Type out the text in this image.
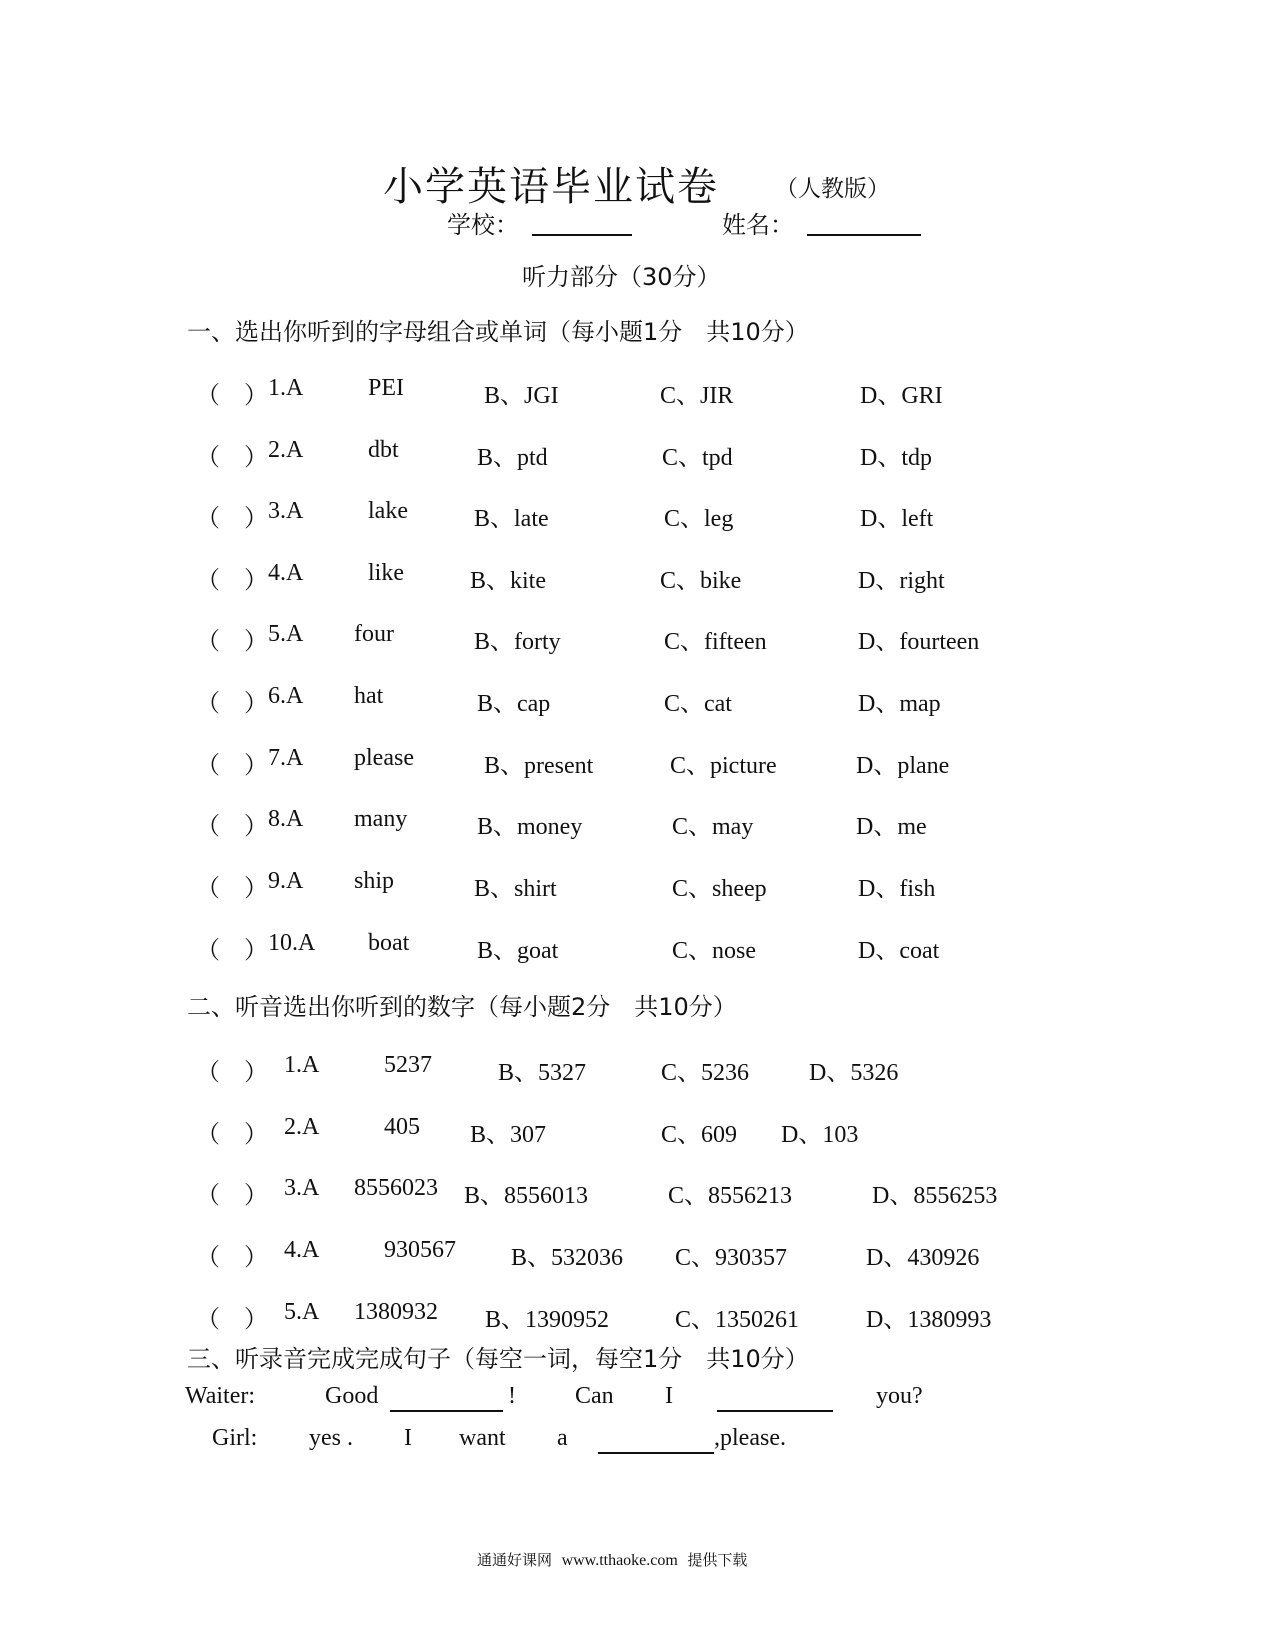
小学英语毕业试卷 （人教版）
学校：	姓名：
听力部分（30分）
一、选出你听到的字母组合或单词（每小题1分　共10分）
（　） 1.A	PEI	B、JGI	C、JIR	D、GRI
（　） 2.A	dbt	B、ptd	C、tpd	D、tdp
（　） 3.A	lake	B、late	C、leg	D、left
（　） 4.A	like	B、kite	C、bike	D、right
（　） 5.A four	B、forty	C、fifteen	D、fourteen
（　） 6.A hat	B、cap	C、cat	D、map
（　） 7.A please	B、present	C、picture	D、plane
（　） 8.A many	B、money	C、may	D、me
（　） 9.A ship	B、shirt	C、sheep	D、fish
（　） 10.A boat	B、goat	C、nose	D、coat
二、听音选出你听到的数字（每小题2分　共10分）
（　） 1.A	5237	B、5327	C、5236 D、5326
（　） 2.A	405 B、307	C、609 D、103
（　） 3.A 8556023 B、8556013	C、8556213	D、8556253
（　） 4.A	930567 B、532036 C、930357	D、430926
（　） 5.A 1380932 B、1390952	C、1350261	D、1380993
三、听录音完成完成句子（每空一词，每空1分　共10分）
Waiter:	Good	! Can I	you?
Girl: yes . I want a	,please.
通通好课网 www.tthaoke.com 提供下载
